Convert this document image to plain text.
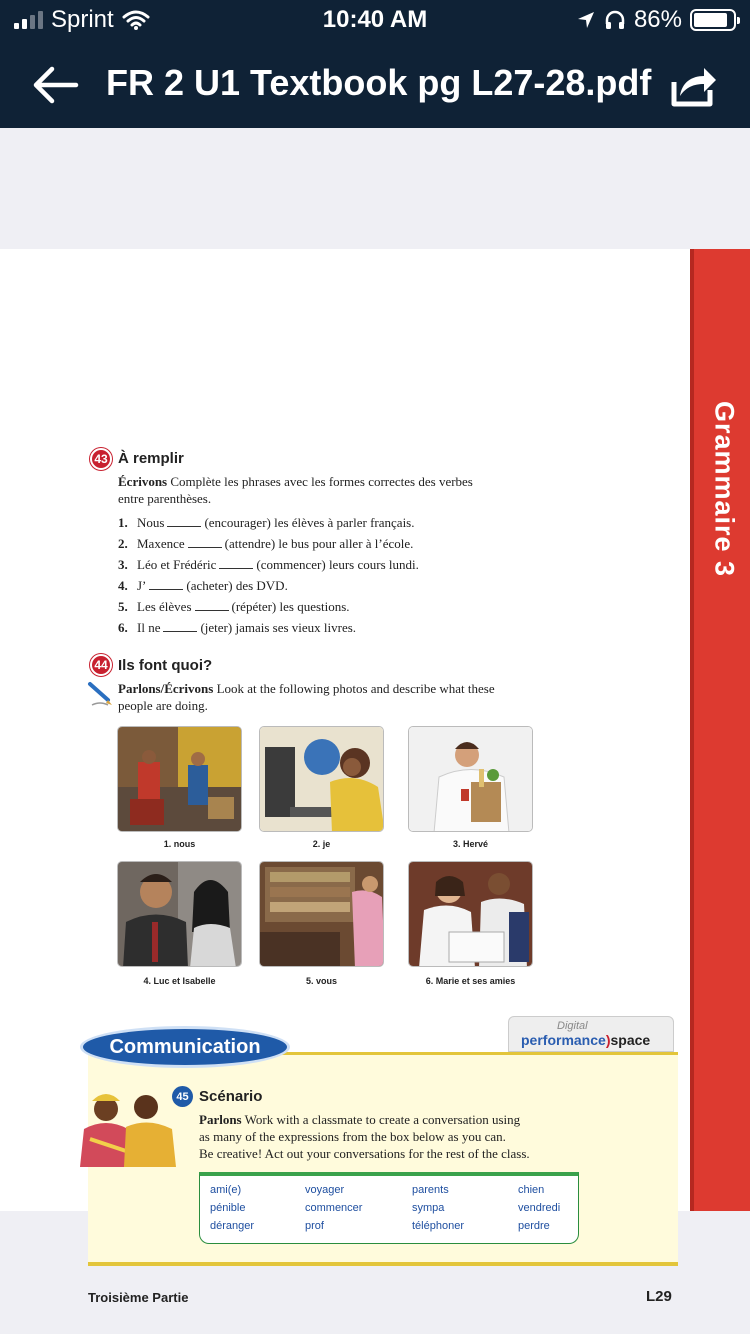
Sprint	10:40 AM	86%
FR 2 U1 Textbook pg L27-28.pdf
Grammaire 3
43 À remplir
Écrivons Complète les phrases avec les formes correctes des verbes entre parenthèses.
1. Nous	(encourager) les élèves à parler français.
2. Maxence	(attendre) le bus pour aller à l’école.
3. Léo et Frédéric	(commencer) leurs cours lundi.
4. J’	(acheter) des DVD.
5. Les élèves	(répéter) les questions.
6. Il ne	(jeter) jamais ses vieux livres.
44 Ils font quoi?
Parlons/Écrivons Look at the following photos and describe what these people are doing.
1. nous	2. je	3. Hervé
4. Luc et Isabelle	5. vous	6. Marie et ses amies
Digital
performance)space
Communication
45 Scénario
Parlons Work with a classmate to create a conversation using
as many of the expressions from the box below as you can.
Be creative! Act out your conversations for the rest of the class.
ami(e)	voyager	parents	chien
pénible	commencer	sympa	vendredi
déranger	prof	téléphoner	perdre
Troisième Partie	L29
